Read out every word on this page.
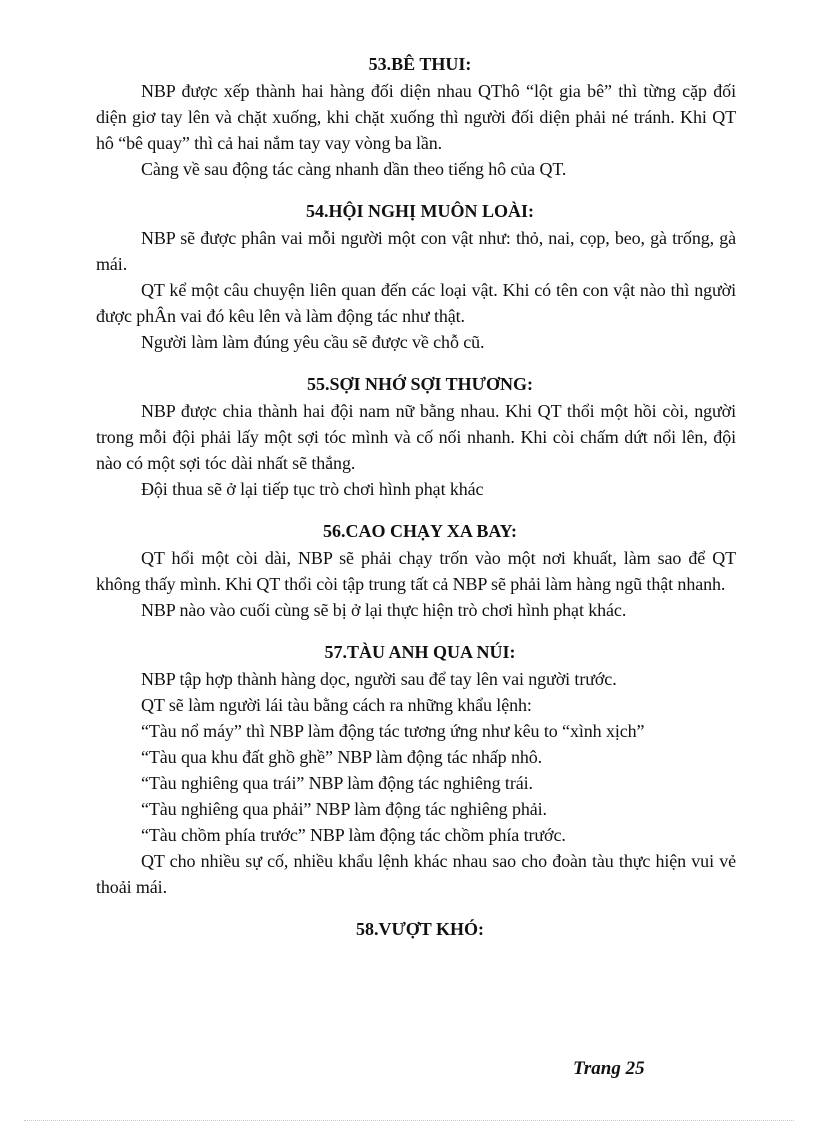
53.BÊ THUI:

NBP được xếp thành hai hàng đối diện nhau QThô “lột gia bê” thì từng cặp đối diện giơ tay lên và chặt xuống, khi chặt xuống thì người đối diện phải né tránh. Khi QT hô “bê quay” thì cả hai nắm tay vay vòng ba lần.

Càng về sau động tác càng nhanh dần theo tiếng hô của QT.

54.HỘI NGHỊ MUÔN LOÀI:

NBP sẽ được phân vai mỗi người một con vật như: thỏ, nai, cọp, beo, gà trống, gà mái.

QT kể một câu chuyện liên quan đến các loại vật. Khi có tên con vật nào thì người được phÂn vai đó kêu lên và làm động tác như thật.

Người làm làm đúng yêu cầu sẽ được về chỗ cũ.

55.SỢI NHỚ SỢI THƯƠNG:

NBP được chia thành hai đội nam nữ bằng nhau. Khi QT thổi một hồi còi, người trong mỗi đội phải lấy một sợi tóc mình và cố nối nhanh. Khi còi chấm dứt nổi lên, đội nào có một sợi tóc dài nhất sẽ thắng.

Đội thua sẽ ở lại tiếp tục trò chơi hình phạt khác

56.CAO CHẠY XA BAY:

QT hổi một còi dài, NBP sẽ phải chạy trốn vào một nơi khuất, làm sao để QT không thấy mình. Khi QT thổi còi tập trung tất cả NBP sẽ phải làm hàng ngũ thật nhanh.

NBP nào vào cuối cùng sẽ bị ở lại thực hiện trò chơi hình phạt khác.

57.TÀU ANH QUA NÚI:

NBP tập hợp thành hàng dọc, người sau để tay lên vai người trước.

QT sẽ làm người lái tàu bằng cách ra những khẩu lệnh:

“Tàu nổ máy” thì NBP làm động tác tương ứng như kêu to “xình xịch”

“Tàu qua khu đất ghồ ghề” NBP làm động tác nhấp nhô.

“Tàu nghiêng qua trái” NBP làm động tác nghiêng trái.

“Tàu nghiêng qua phải” NBP làm động tác nghiêng phải.

“Tàu chồm phía trước” NBP làm động tác chồm phía trước.

QT cho nhiều sự cố, nhiều khẩu lệnh khác nhau sao cho đoàn tàu thực hiện vui vẻ thoải mái.

58.VƯỢT KHÓ:
Trang 25
